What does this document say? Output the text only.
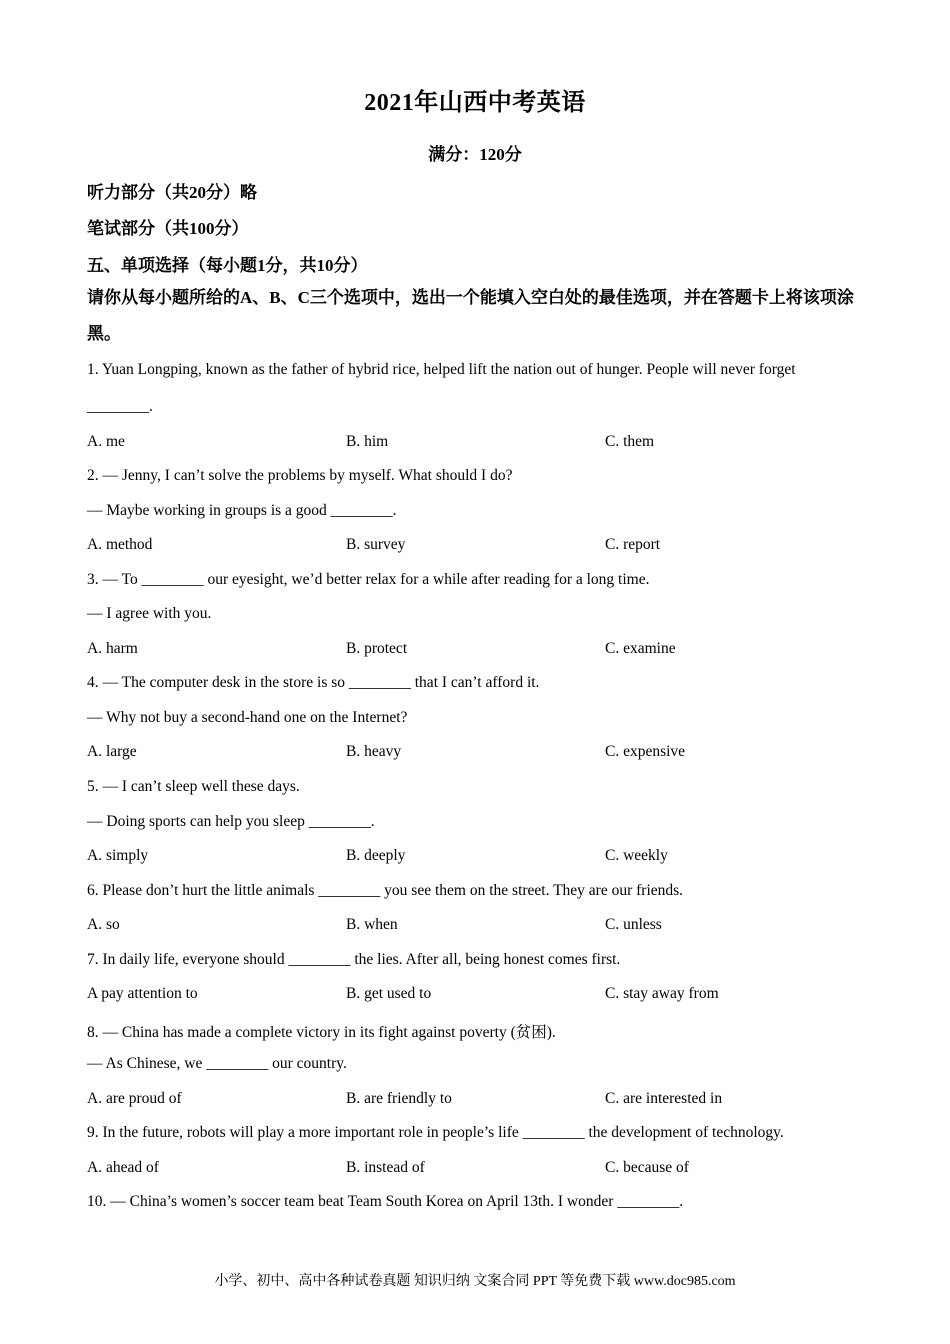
2021年山西中考英语
满分：120分
听力部分（共20分）略
笔试部分（共100分）
五、单项选择（每小题1分，共10分）
请你从每小题所给的A、B、C三个选项中，选出一个能填入空白处的最佳选项，并在答题卡上将该项涂黑。
1. Yuan Longping, known as the father of hybrid rice, helped lift the nation out of hunger. People will never forget
________.
A. me	B. him	C. them
2. — Jenny, I can’t solve the problems by myself. What should I do?
— Maybe working in groups is a good ________.
A. method	B. survey	C. report
3. — To ________ our eyesight, we’d better relax for a while after reading for a long time.
— I agree with you.
A. harm	B. protect	C. examine
4. — The computer desk in the store is so ________ that I can’t afford it.
— Why not buy a second-hand one on the Internet?
A. large	B. heavy	C. expensive
5. — I can’t sleep well these days.
— Doing sports can help you sleep ________.
A. simply	B. deeply	C. weekly
6. Please don’t hurt the little animals ________ you see them on the street. They are our friends.
A. so	B. when	C. unless
7. In daily life, everyone should ________ the lies. After all, being honest comes first.
A pay attention to	B. get used to	C. stay away from
8. — China has made a complete victory in its fight against poverty (贫困).
— As Chinese, we ________ our country.
A. are proud of	B. are friendly to	C. are interested in
9. In the future, robots will play a more important role in people’s life ________ the development of technology.
A. ahead of	B. instead of	C. because of
10. — China’s women’s soccer team beat Team South Korea on April 13th. I wonder ________.
小学、初中、高中各种试卷真题 知识归纳 文案合同 PPT 等免费下载 www.doc985.com
